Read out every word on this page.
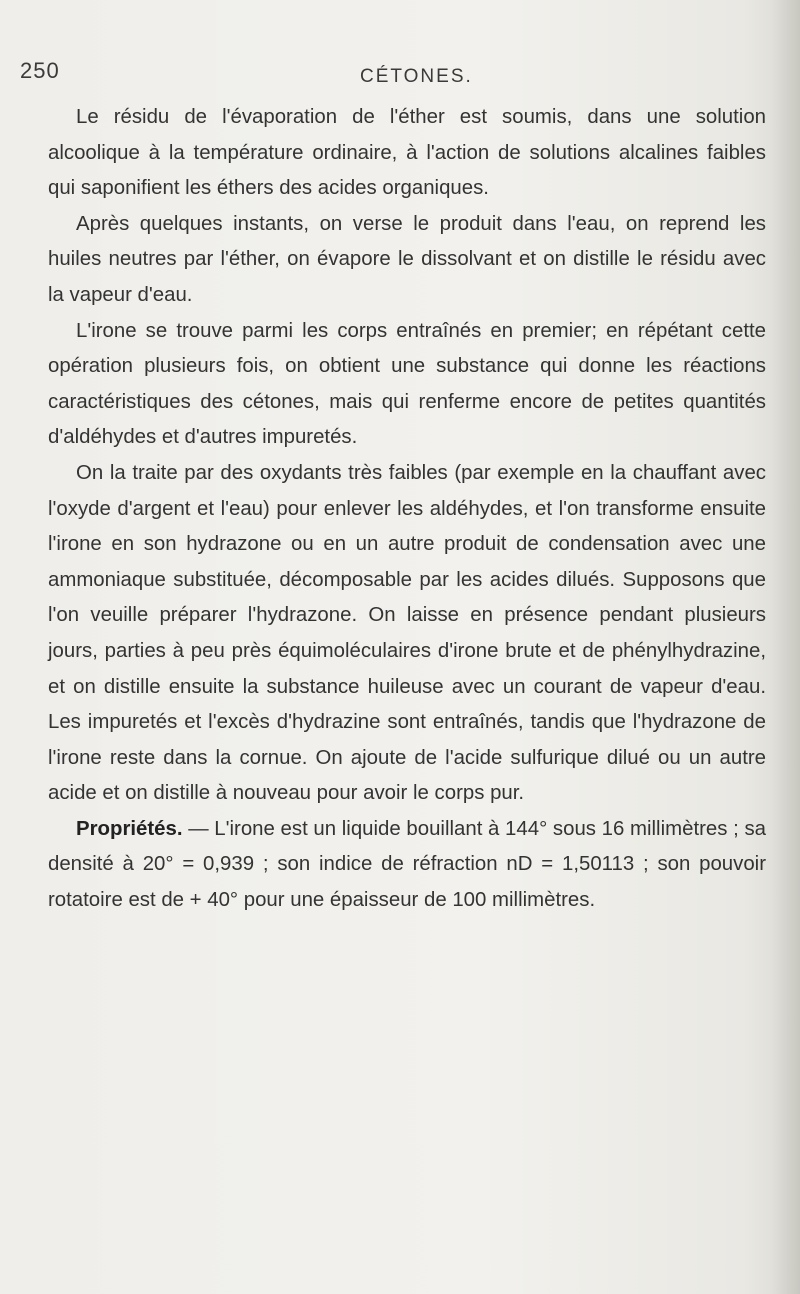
250	CÉTONES.

Le résidu de l'évaporation de l'éther est soumis, dans une solution alcoolique à la température ordinaire, à l'action de solutions alcalines faibles qui saponifient les éthers des acides organiques.

Après quelques instants, on verse le produit dans l'eau, on reprend les huiles neutres par l'éther, on évapore le dissolvant et on distille le résidu avec la vapeur d'eau.

L'irone se trouve parmi les corps entraînés en premier; en répétant cette opération plusieurs fois, on obtient une substance qui donne les réactions caractéristiques des cétones, mais qui renferme encore de petites quantités d'aldéhydes et d'autres impuretés.

On la traite par des oxydants très faibles (par exemple en la chauffant avec l'oxyde d'argent et l'eau) pour enlever les aldéhydes, et l'on transforme ensuite l'irone en son hydrazone ou en un autre produit de condensation avec une ammoniaque substituée, décomposable par les acides dilués. Supposons que l'on veuille préparer l'hydrazone. On laisse en présence pendant plusieurs jours, parties à peu près équimoléculaires d'irone brute et de phénylhydrazine, et on distille ensuite la substance huileuse avec un courant de vapeur d'eau. Les impuretés et l'excès d'hydrazine sont entraînés, tandis que l'hydrazone de l'irone reste dans la cornue. On ajoute de l'acide sulfurique dilué ou un autre acide et on distille à nouveau pour avoir le corps pur.

Propriétés. — L'irone est un liquide bouillant à 144° sous 16 millimètres ; sa densité à 20° = 0,939 ; son indice de réfraction nD = 1,50113 ; son pouvoir rotatoire est de + 40° pour une épaisseur de 100 millimètres.
